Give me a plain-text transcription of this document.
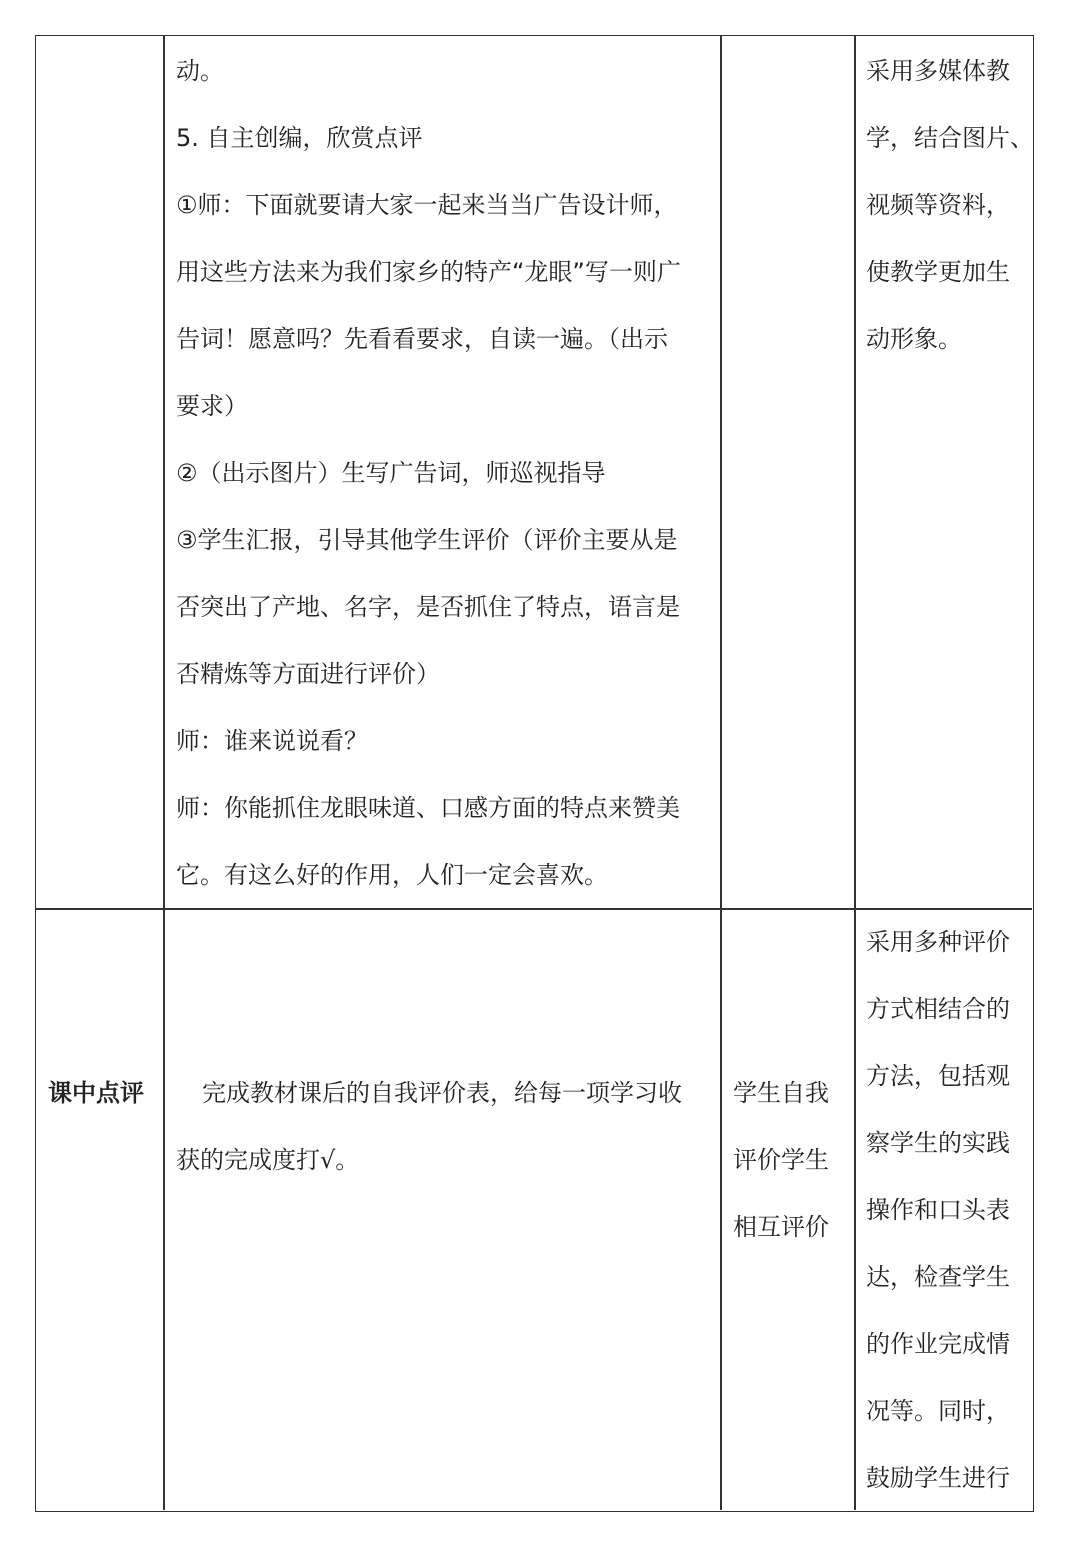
动。
5. 自主创编，欣赏点评
①师：下面就要请大家一起来当当广告设计师，
用这些方法来为我们家乡的特产“龙眼”写一则广
告词！愿意吗？先看看要求，自读一遍。（出示
要求）
②（出示图片）生写广告词，师巡视指导
③学生汇报，引导其他学生评价（评价主要从是
否突出了产地、名字，是否抓住了特点，语言是
否精炼等方面进行评价）
师：谁来说说看？
师：你能抓住龙眼味道、口感方面的特点来赞美
它。有这么好的作用，人们一定会喜欢。
采用多媒体教
学，结合图片、
视频等资料，
使教学更加生
动形象。
课中点评 完成教材课后的自我评价表，给每一项学习收
获的完成度打√。
学生自我
评价学生
相互评价
采用多种评价
方式相结合的
方法，包括观
察学生的实践
操作和口头表
达，检查学生
的作业完成情
况等。同时，
鼓励学生进行
